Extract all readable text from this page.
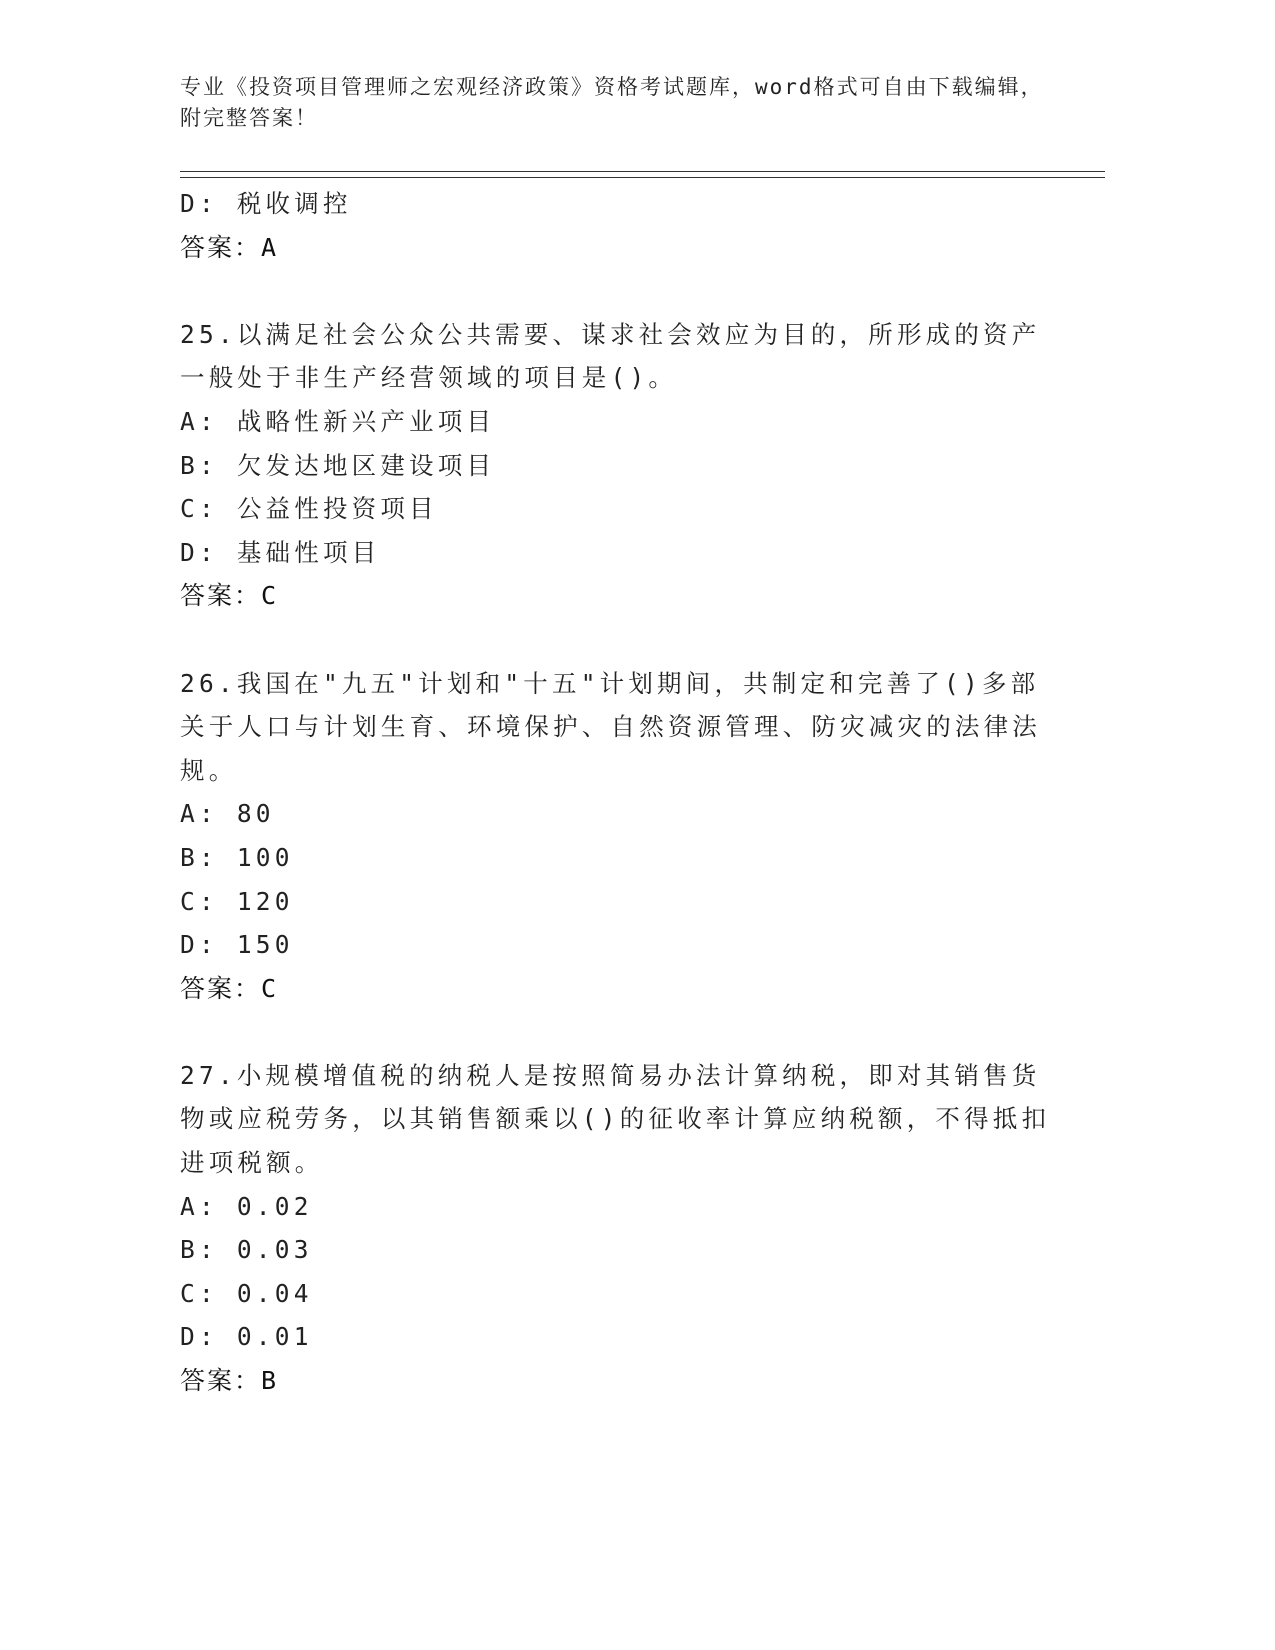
专业《投资项目管理师之宏观经济政策》资格考试题库，word格式可自由下载编辑，附完整答案！
D: 税收调控
答案：A
25.以满足社会公众公共需要、谋求社会效应为目的，所形成的资产一般处于非生产经营领域的项目是()。
A: 战略性新兴产业项目
B: 欠发达地区建设项目
C: 公益性投资项目
D: 基础性项目
答案：C
26.我国在"九五"计划和"十五"计划期间，共制定和完善了()多部关于人口与计划生育、环境保护、自然资源管理、防灾减灾的法律法规。
A: 80
B: 100
C: 120
D: 150
答案：C
27.小规模增值税的纳税人是按照简易办法计算纳税，即对其销售货物或应税劳务，以其销售额乘以()的征收率计算应纳税额，不得抵扣进项税额。
A: 0.02
B: 0.03
C: 0.04
D: 0.01
答案：B
